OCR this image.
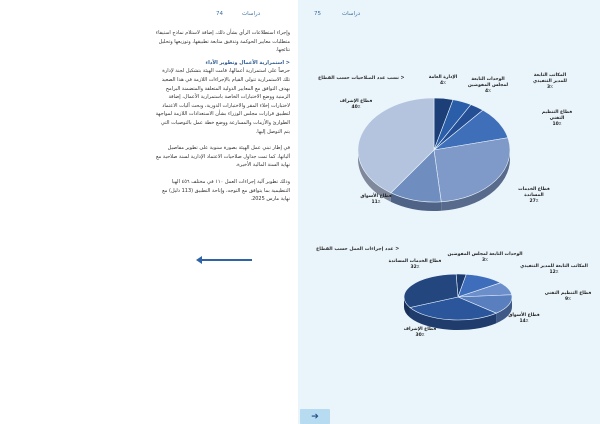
دراسات
74

وإجراء استطلاعات الرأي بشأن ذلك، إضافة لاستلام نماذج استيفاء متطلبات معايير الحوكمة وتدقيق متابعة تطبيقها، وتوزيعها وتحليل نتائجها.

< استمرارية الأعمال وتطوير الأداء

حرصاً على استمرارية أعمالها، قامت الهيئة بتشكيل لجنة لإدارة تلك الاستمرارية تتولى القيام بالإجراءات اللازمة في هذا الصعيد بهدف التوافق مع المعايير الدولية المتعلقة والمتضمنة البرامج الزمنية ووضع الاختبارات الخاصة باستمرارية الأعمال، إضافة لاختبارات إخلاء المقر والاختبارات الدورية، وبحث آليات الاعتماد لتطبيق قرارات مجلس الوزراء بشأن الاستعدادات اللازمة لمواجهة الطوارئ والأزمات والمسارعة ووضع خطة عمل بالتوصيات التي يتم التوصل إليها.

في إطار تبني عمل الهيئة بصورة سنوية على تطوير مفاصيل ألياتها، كما تمت جداول صلاحيات الاعتماد الإدارية لسنة صلاحية مع نهاية السنة المالية الأخيرة.

وذلك تطوير آلية إجراءات العمل ١١٠ في مختلف ٤٥٦ الهيا التنظيمية بما يتوافق مع التوجه، وإتاحة التطبيق (113 دليل) مع نهاية مارس 2025.

دراسات
75
< نسب عدد الصلاحيات حسب القطاع	الإدارة العامة
4٪
الوحدات التابعة لمجلس المفوضين
4٪
المكاتب التابعة للمدير التنفيذي
3٪
قطاع التنظيم التقني
10٪
قطاع الخدمات المساندة
27٪
قطاع الأسواق
11٪
قطاع الإشراف
40٪
< عدد إجراءات العمل حسب القطاع
الوحدات التابعة لمجلس المفوضين
3٪
المكاتب التابعة للمدير التنفيذي
12٪
قطاع التنظيم التقني
9٪
قطاع الأسواق
14٪
قطاع الإشراف
30٪
قطاع الخدمات المساندة
32٪
➔
